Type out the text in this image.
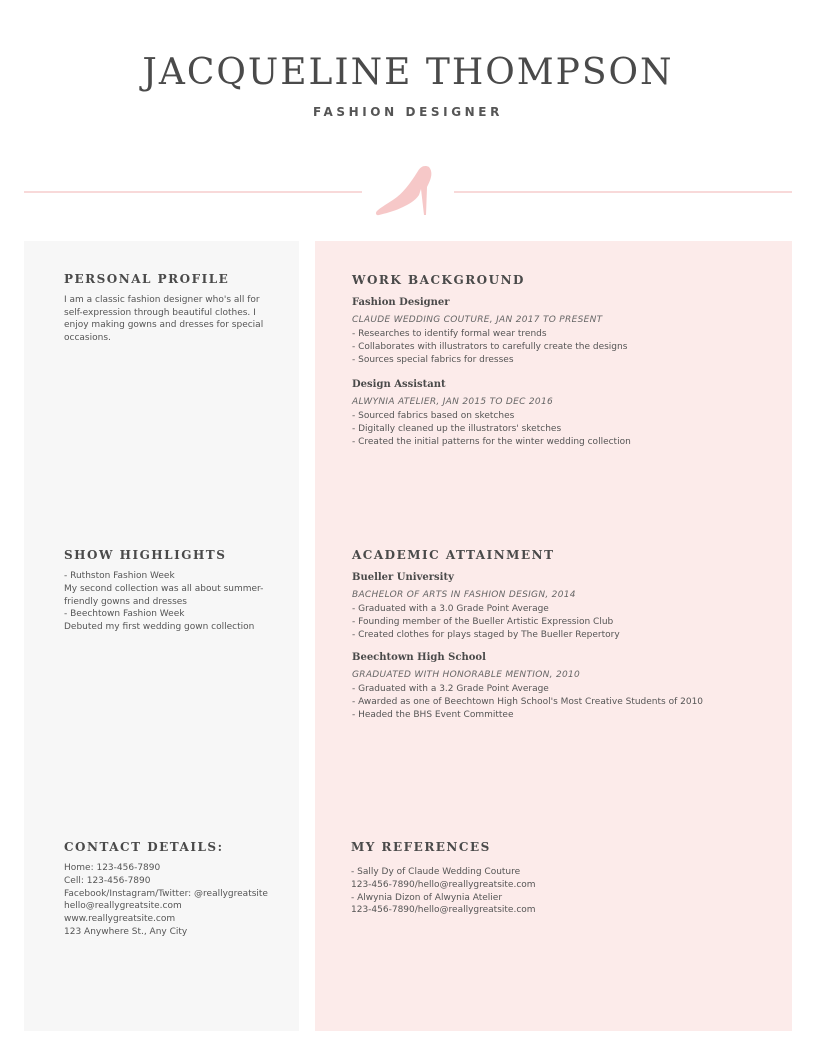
JACQUELINE THOMPSON
FASHION DESIGNER
PERSONAL PROFILE
I am a classic fashion designer who's all for self-expression through beautiful clothes. I enjoy making gowns and dresses for special occasions.
WORK BACKGROUND
Fashion Designer
CLAUDE WEDDING COUTURE, JAN 2017 TO PRESENT
- Researches to identify formal wear trends
- Collaborates with illustrators to carefully create the designs
- Sources special fabrics for dresses
Design Assistant
ALWYNIA ATELIER, JAN 2015 TO DEC 2016
- Sourced fabrics based on sketches
- Digitally cleaned up the illustrators' sketches
- Created the initial patterns for the winter wedding collection
SHOW HIGHLIGHTS
- Ruthston Fashion Week
My second collection was all about summer-
friendly gowns and dresses
- Beechtown Fashion Week
Debuted my first wedding gown collection
ACADEMIC ATTAINMENT
Bueller University
BACHELOR OF ARTS IN FASHION DESIGN, 2014
- Graduated with a 3.0 Grade Point Average
- Founding member of the Bueller Artistic Expression Club
- Created clothes for plays staged by The Bueller Repertory
Beechtown High School
GRADUATED WITH HONORABLE MENTION, 2010
- Graduated with a 3.2 Grade Point Average
- Awarded as one of Beechtown High School's Most Creative Students of 2010
- Headed the BHS Event Committee
CONTACT DETAILS:
Home: 123-456-7890
Cell: 123-456-7890
Facebook/Instagram/Twitter: @reallygreatsite
hello@reallygreatsite.com
www.reallygreatsite.com
123 Anywhere St., Any City
MY REFERENCES
- Sally Dy of Claude Wedding Couture
123-456-7890/hello@reallygreatsite.com
- Alwynia Dizon of Alwynia Atelier
123-456-7890/hello@reallygreatsite.com
